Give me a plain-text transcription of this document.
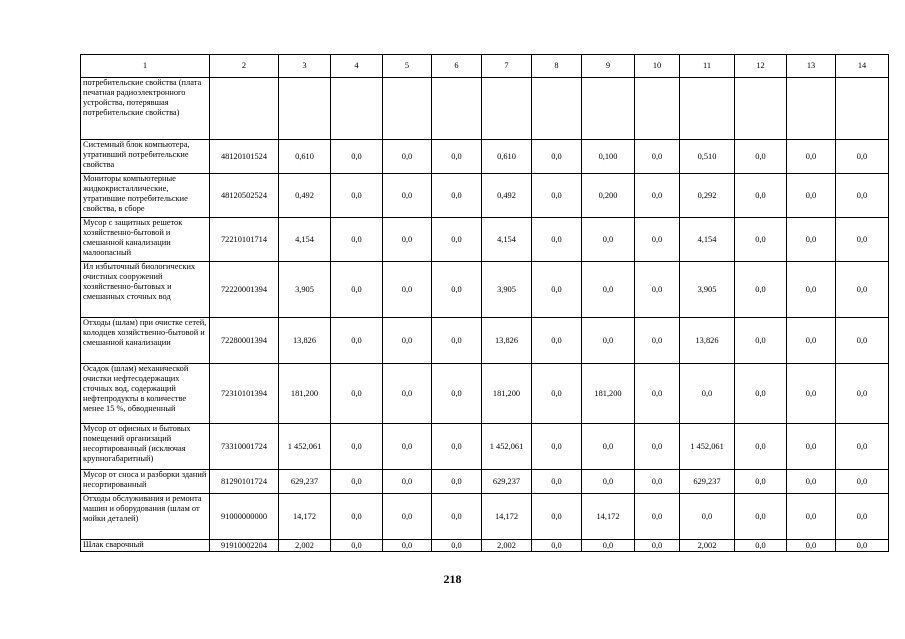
1	2	3	4	5	6	7	8	9	10	11	12	13	14
потребительские свойства (плата печатная радиоэлектронного устройства, потерявшая потребительские свойства)													
Системный блок компьютера, утративший потребительские свойства	48120101524	0,610	0,0	0,0	0,0	0,610	0,0	0,100	0,0	0,510	0,0	0,0	0,0
Мониторы компьютерные жидкокристаллические, утратившие потребительские свойства, в сборе	48120502524	0,492	0,0	0,0	0,0	0,492	0,0	0,200	0,0	0,292	0,0	0,0	0,0
Мусор с защитных решеток хозяйственно-бытовой и смешанной канализации малоопасный	72210101714	4,154	0,0	0,0	0,0	4,154	0,0	0,0	0,0	4,154	0,0	0,0	0,0
Ил избыточный биологических очистных сооружений хозяйственно-бытовых и смешанных сточных вод	72220001394	3,905	0,0	0,0	0,0	3,905	0,0	0,0	0,0	3,905	0,0	0,0	0,0
Отходы (шлам) при очистке сетей, колодцев хозяйственно-бытовой и смешанной канализации	72280001394	13,826	0,0	0,0	0,0	13,826	0,0	0,0	0,0	13,826	0,0	0,0	0,0
Осадок (шлам) механической очистки нефтесодержащих сточных вод, содержащий нефтепродукты в количестве менее 15 %, обводненный	72310101394	181,200	0,0	0,0	0,0	181,200	0,0	181,200	0,0	0,0	0,0	0,0	0,0
Мусор от офисных и бытовых помещений организаций несортированный (исключая крупногабаритный)	73310001724	1 452,061	0,0	0,0	0,0	1 452,061	0,0	0,0	0,0	1 452,061	0,0	0,0	0,0
Мусор от сноса и разборки зданий несортированный	81290101724	629,237	0,0	0,0	0,0	629,237	0,0	0,0	0,0	629,237	0,0	0,0	0,0
Отходы обслуживания и ремонта машин и оборудования (шлам от мойки деталей)	91000000000	14,172	0,0	0,0	0,0	14,172	0,0	14,172	0,0	0,0	0,0	0,0	0,0
Шлак сварочный	91910002204	2,002	0,0	0,0	0,0	2,002	0,0	0,0	0,0	2,002	0,0	0,0	0,0
218
